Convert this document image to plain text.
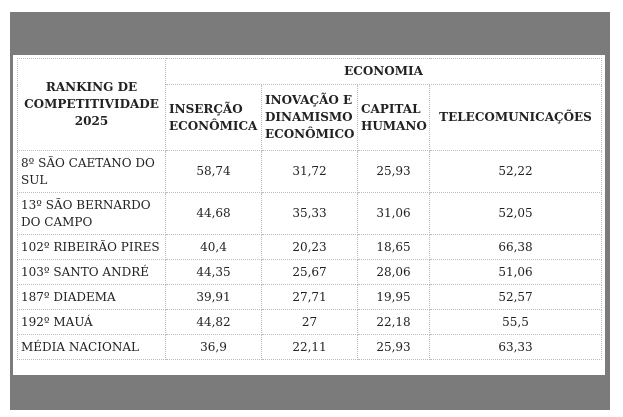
RANKING DE COMPETITIVIDADE 2025	ECONOMIA			
	INSERÇÃO ECONÔMICA	INOVAÇÃO E DINAMISMO ECONÔMICO	CAPITAL HUMANO	TELECOMUNICAÇÕES
8º SÃO CAETANO DO SUL	58,74	31,72	25,93	52,22
13º SÃO BERNARDO DO CAMPO	44,68	35,33	31,06	52,05
102º RIBEIRÃO PIRES	40,4	20,23	18,65	66,38
103º SANTO ANDRÉ	44,35	25,67	28,06	51,06
187º DIADEMA	39,91	27,71	19,95	52,57
192º MAUÁ	44,82	27	22,18	55,5
MÉDIA NACIONAL	36,9	22,11	25,93	63,33
